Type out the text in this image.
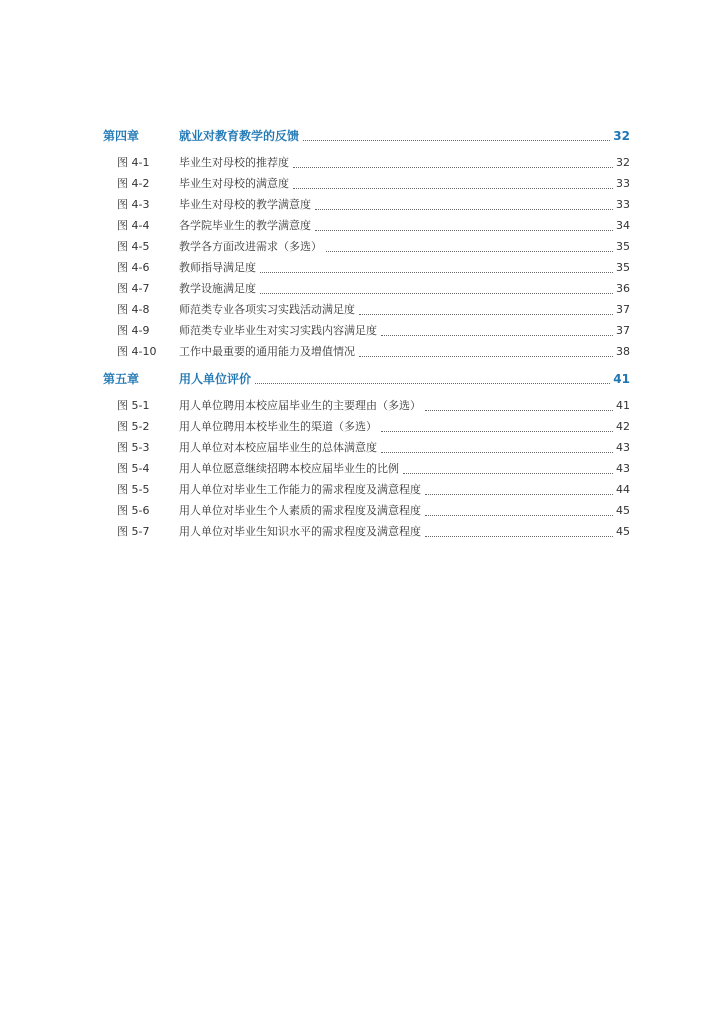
第四章	就业对教育教学的反馈	32
图 4-1	毕业生对母校的推荐度	32
图 4-2	毕业生对母校的满意度	33
图 4-3	毕业生对母校的教学满意度	33
图 4-4	各学院毕业生的教学满意度	34
图 4-5	教学各方面改进需求（多选）	35
图 4-6	教师指导满足度	35
图 4-7	教学设施满足度	36
图 4-8	师范类专业各项实习实践活动满足度	37
图 4-9	师范类专业毕业生对实习实践内容满足度	37
图 4-10 工作中最重要的通用能力及增值情况	38
第五章	用人单位评价	41
图 5-1	用人单位聘用本校应届毕业生的主要理由（多选）	41
图 5-2	用人单位聘用本校毕业生的渠道（多选）	42
图 5-3	用人单位对本校应届毕业生的总体满意度	43
图 5-4	用人单位愿意继续招聘本校应届毕业生的比例	43
图 5-5	用人单位对毕业生工作能力的需求程度及满意程度	44
图 5-6	用人单位对毕业生个人素质的需求程度及满意程度	45
图 5-7	用人单位对毕业生知识水平的需求程度及满意程度	45
